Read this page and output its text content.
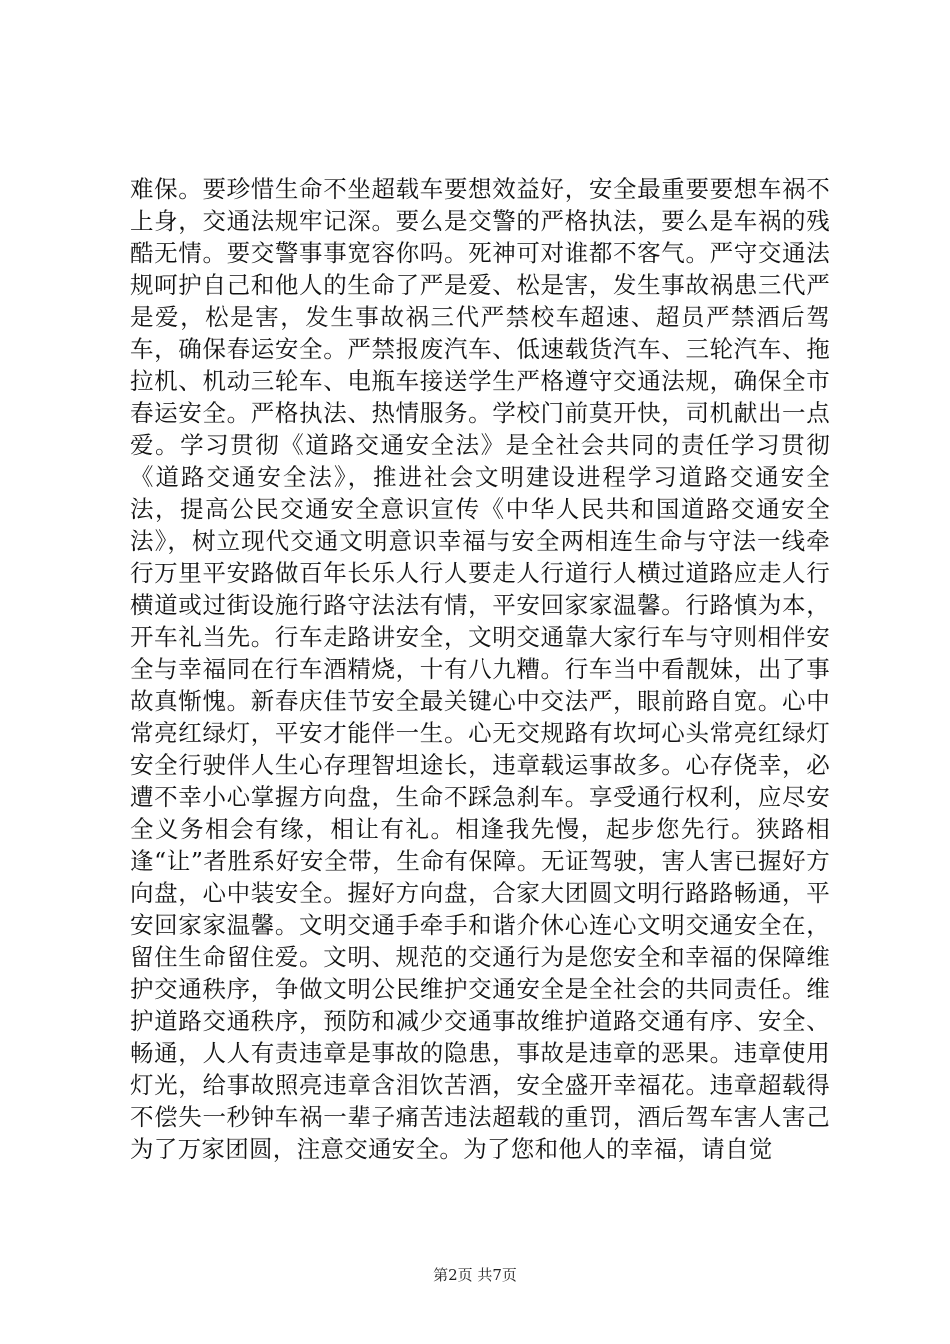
难保。要珍惜生命不坐超载车要想效益好，安全最重要要想车祸不上身，交通法规牢记深。要么是交警的严格执法，要么是车祸的残酷无情。要交警事事宽容你吗。死神可对谁都不客气。严守交通法规呵护自己和他人的生命了严是爱、松是害，发生事故祸患三代严是爱，松是害，发生事故祸三代严禁校车超速、超员严禁酒后驾车，确保春运安全。严禁报废汽车、低速载货汽车、三轮汽车、拖拉机、机动三轮车、电瓶车接送学生严格遵守交通法规，确保全市春运安全。严格执法、热情服务。学校门前莫开快，司机献出一点爱。学习贯彻《道路交通安全法》是全社会共同的责任学习贯彻《道路交通安全法》，推进社会文明建设进程学习道路交通安全法，提高公民交通安全意识宣传《中华人民共和国道路交通安全法》，树立现代交通文明意识幸福与安全两相连生命与守法一线牵行万里平安路做百年长乐人行人要走人行道行人横过道路应走人行横道或过街设施行路守法法有情，平安回家家温馨。行路慎为本，开车礼当先。行车走路讲安全，文明交通靠大家行车与守则相伴安全与幸福同在行车酒精烧，十有八九糟。行车当中看靓妹，出了事故真惭愧。新春庆佳节安全最关键心中交法严，眼前路自宽。心中常亮红绿灯，平安才能伴一生。心无交规路有坎坷心头常亮红绿灯安全行驶伴人生心存理智坦途长，违章载运事故多。心存侥幸，必遭不幸小心掌握方向盘，生命不踩急刹车。享受通行权利，应尽安全义务相会有缘，相让有礼。相逢我先慢，起步您先行。狭路相逢“让”者胜系好安全带，生命有保障。无证驾驶，害人害已握好方向盘，心中装安全。握好方向盘，合家大团圆文明行路路畅通，平安回家家温馨。文明交通手牵手和谐介休心连心文明交通安全在，留住生命留住爱。文明、规范的交通行为是您安全和幸福的保障维护交通秩序，争做文明公民维护交通安全是全社会的共同责任。维护道路交通秩序，预防和减少交通事故维护道路交通有序、安全、畅通，人人有责违章是事故的隐患，事故是违章的恶果。违章使用灯光，给事故照亮违章含泪饮苦酒，安全盛开幸福花。违章超载得不偿失一秒钟车祸一辈子痛苦违法超载的重罚，酒后驾车害人害己为了万家团圆，注意交通安全。为了您和他人的幸福，请自觉

第2页 共7页
